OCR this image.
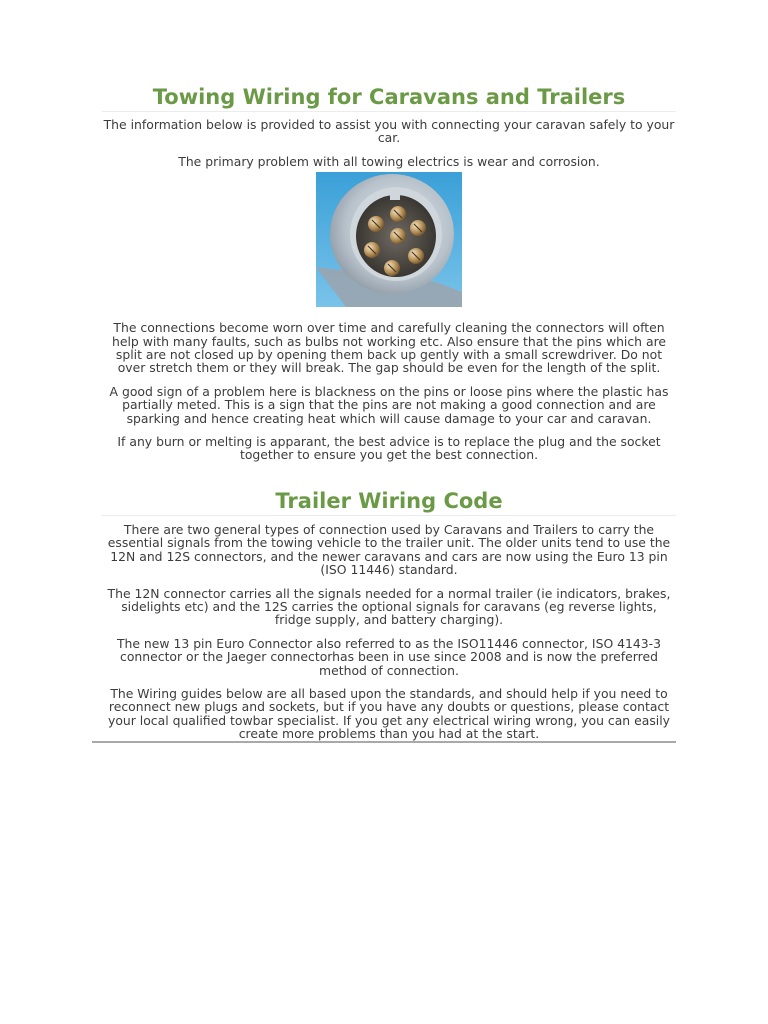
Towing Wiring for Caravans and Trailers

The information below is provided to assist you with connecting your caravan safely to your car.

The primary problem with all towing electrics is wear and corrosion.

The connections become worn over time and carefully cleaning the connectors will often help with many faults, such as bulbs not working etc. Also ensure that the pins which are split are not closed up by opening them back up gently with a small screwdriver. Do not over stretch them or they will break. The gap should be even for the length of the split.

A good sign of a problem here is blackness on the pins or loose pins where the plastic has partially meted. This is a sign that the pins are not making a good connection and are sparking and hence creating heat which will cause damage to your car and caravan.

If any burn or melting is apparant, the best advice is to replace the plug and the socket together to ensure you get the best connection.

Trailer Wiring Code

There are two general types of connection used by Caravans and Trailers to carry the essential signals from the towing vehicle to the trailer unit. The older units tend to use the 12N and 12S connectors, and the newer caravans and cars are now using the Euro 13 pin (ISO 11446) standard.

The 12N connector carries all the signals needed for a normal trailer (ie indicators, brakes, sidelights etc) and the 12S carries the optional signals for caravans (eg reverse lights, fridge supply, and battery charging).

The new 13 pin Euro Connector also referred to as the ISO11446 connector, ISO 4143-3 connector or the Jaeger connectorhas been in use since 2008 and is now the preferred method of connection.

The Wiring guides below are all based upon the standards, and should help if you need to reconnect new plugs and sockets, but if you have any doubts or questions, please contact your local qualified towbar specialist. If you get any electrical wiring wrong, you can easily create more problems than you had at the start.
